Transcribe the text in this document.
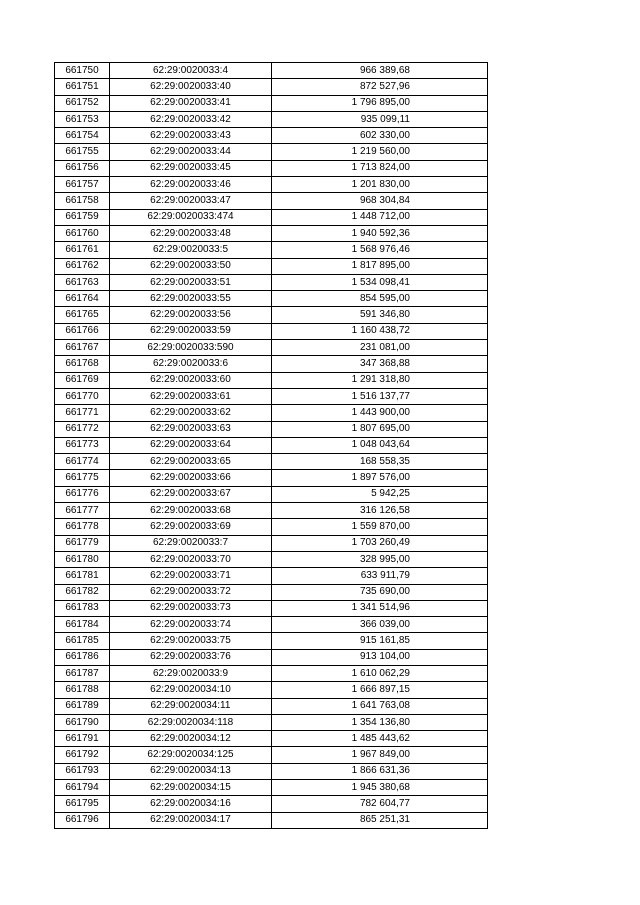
661750	62:29:0020033:4	966 389,68
661751	62:29:0020033:40	872 527,96
661752	62:29:0020033:41	1 796 895,00
661753	62:29:0020033:42	935 099,11
661754	62:29:0020033:43	602 330,00
661755	62:29:0020033:44	1 219 560,00
661756	62:29:0020033:45	1 713 824,00
661757	62:29:0020033:46	1 201 830,00
661758	62:29:0020033:47	968 304,84
661759	62:29:0020033:474	1 448 712,00
661760	62:29:0020033:48	1 940 592,36
661761	62:29:0020033:5	1 568 976,46
661762	62:29:0020033:50	1 817 895,00
661763	62:29:0020033:51	1 534 098,41
661764	62:29:0020033:55	854 595,00
661765	62:29:0020033:56	591 346,80
661766	62:29:0020033:59	1 160 438,72
661767	62:29:0020033:590	231 081,00
661768	62:29:0020033:6	347 368,88
661769	62:29:0020033:60	1 291 318,80
661770	62:29:0020033:61	1 516 137,77
661771	62:29:0020033:62	1 443 900,00
661772	62:29:0020033:63	1 807 695,00
661773	62:29:0020033:64	1 048 043,64
661774	62:29:0020033:65	168 558,35
661775	62:29:0020033:66	1 897 576,00
661776	62:29:0020033:67	5 942,25
661777	62:29:0020033:68	316 126,58
661778	62:29:0020033:69	1 559 870,00
661779	62:29:0020033:7	1 703 260,49
661780	62:29:0020033:70	328 995,00
661781	62:29:0020033:71	633 911,79
661782	62:29:0020033:72	735 690,00
661783	62:29:0020033:73	1 341 514,96
661784	62:29:0020033:74	366 039,00
661785	62:29:0020033:75	915 161,85
661786	62:29:0020033:76	913 104,00
661787	62:29:0020033:9	1 610 062,29
661788	62:29:0020034:10	1 666 897,15
661789	62:29:0020034:11	1 641 763,08
661790	62:29:0020034:118	1 354 136,80
661791	62:29:0020034:12	1 485 443,62
661792	62:29:0020034:125	1 967 849,00
661793	62:29:0020034:13	1 866 631,36
661794	62:29:0020034:15	1 945 380,68
661795	62:29:0020034:16	782 604,77
661796	62:29:0020034:17	865 251,31
